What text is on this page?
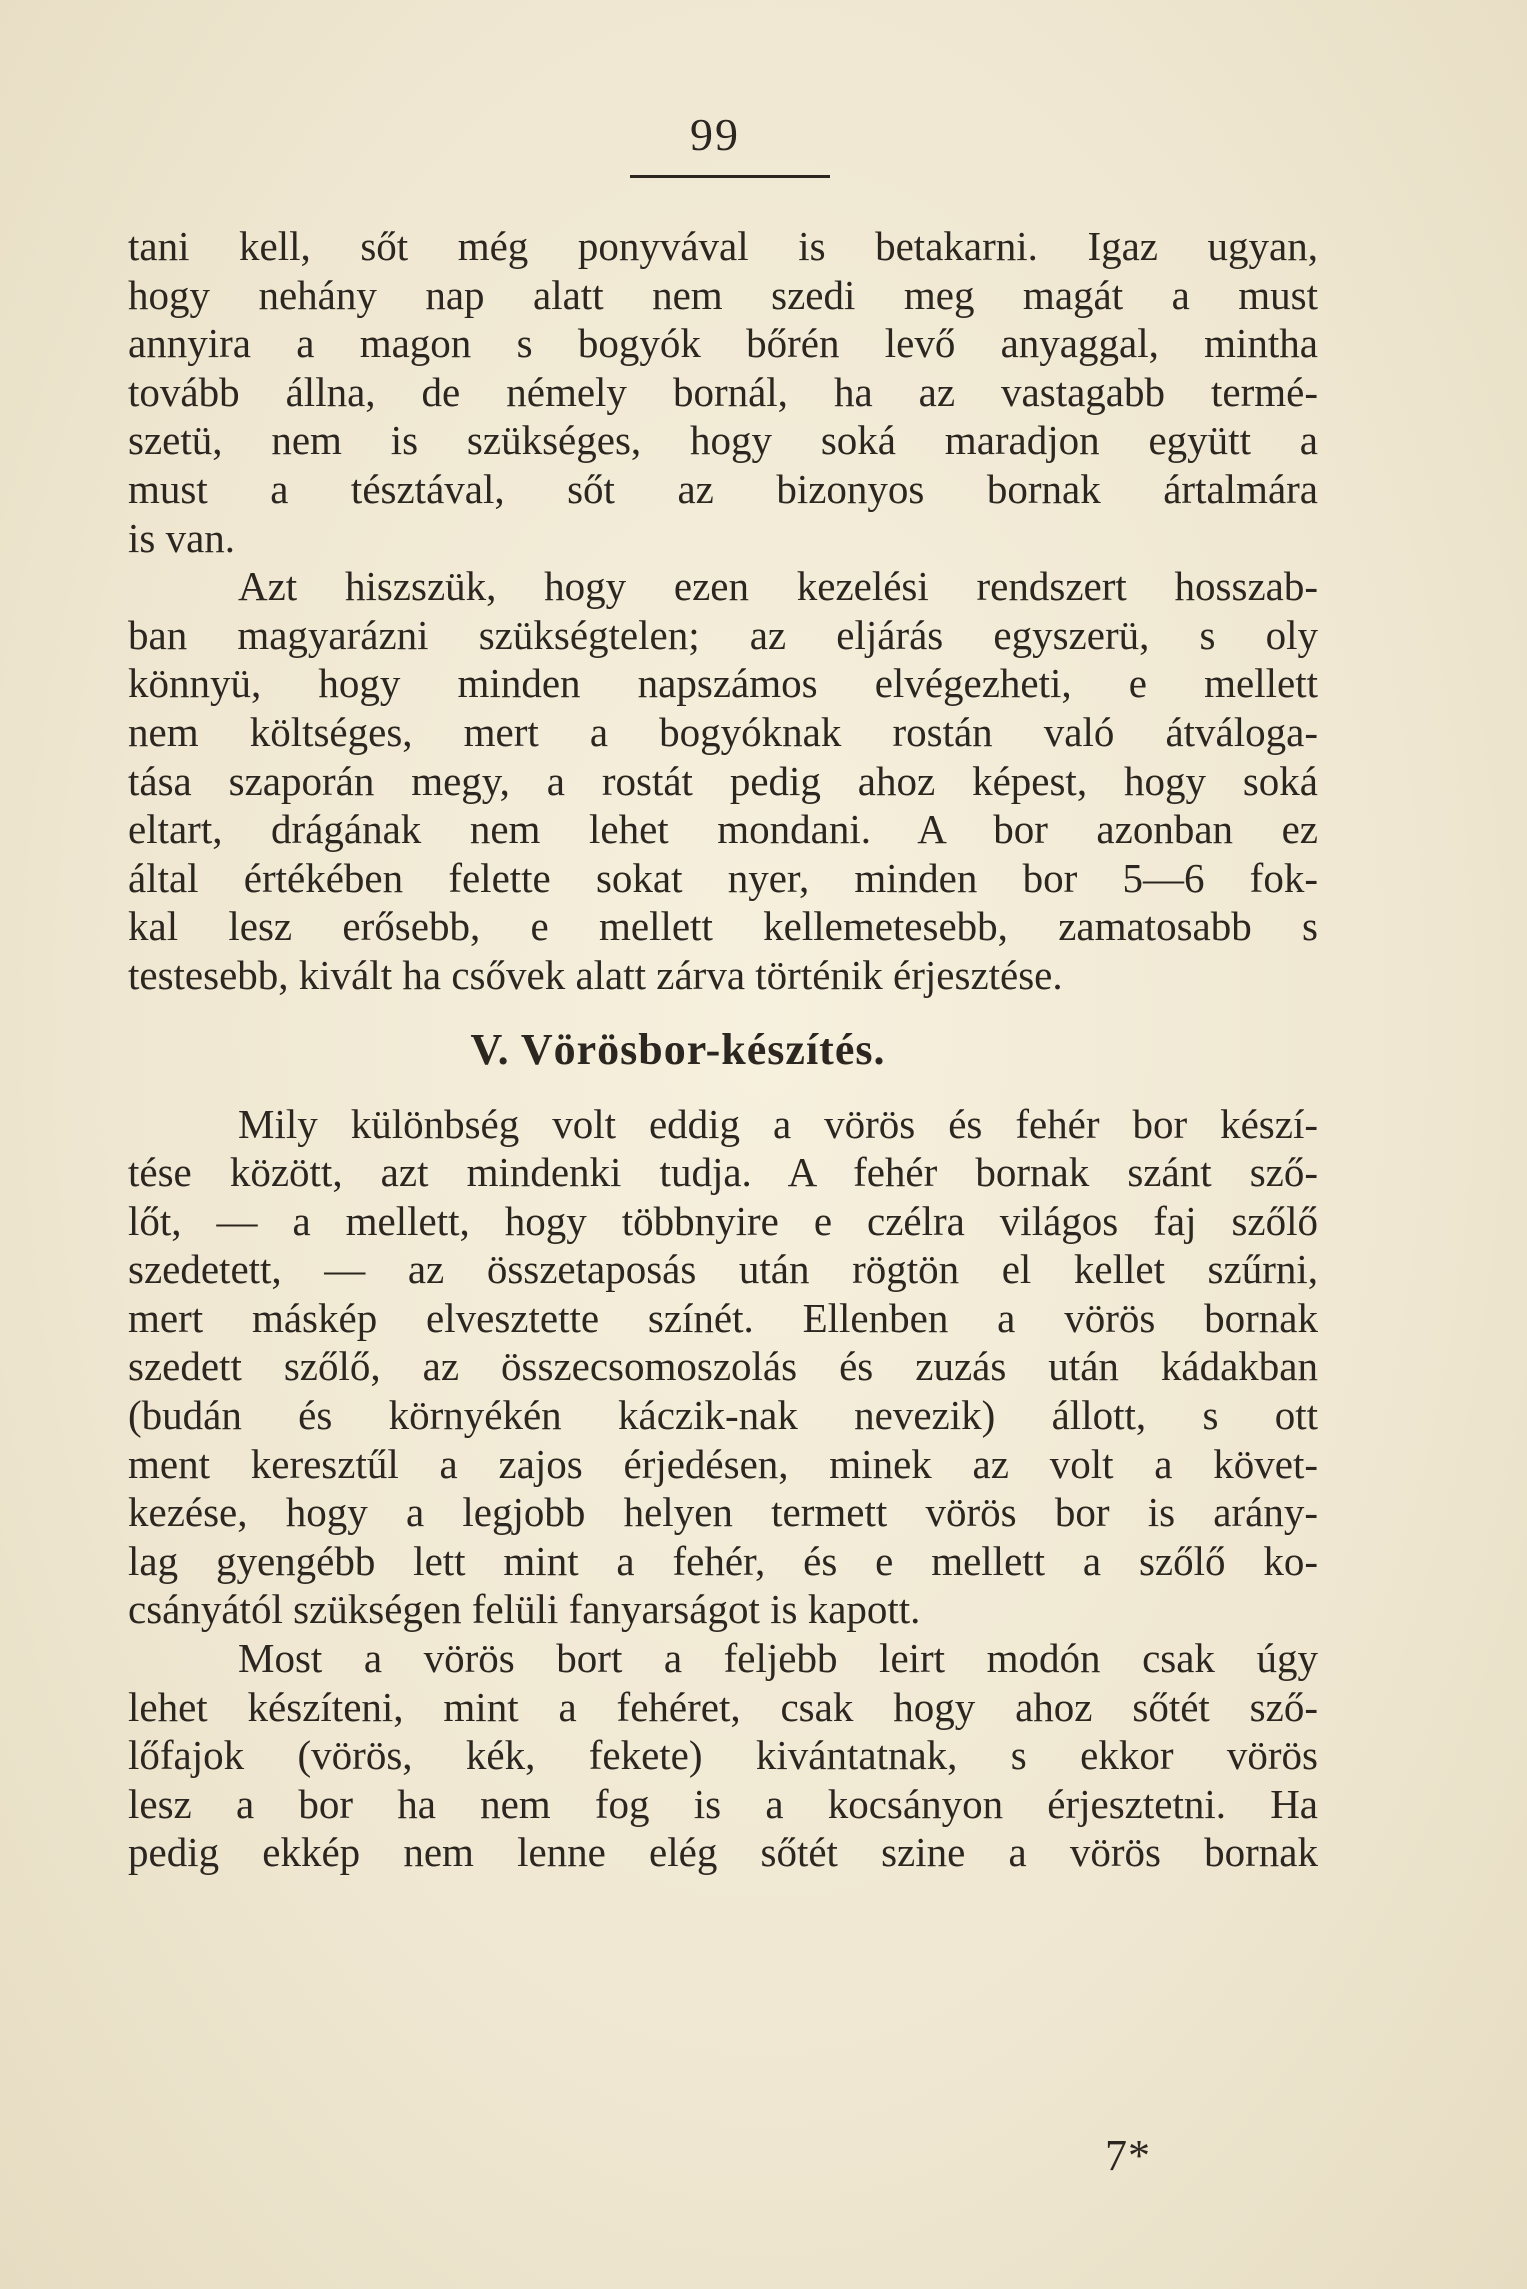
99
tani kell, sőt még ponyvával is betakarni. Igaz ugyan,
hogy nehány nap alatt nem szedi meg magát a must
annyira a magon s bogyók bőrén levő anyaggal, mintha
tovább állna, de némely bornál, ha az vastagabb termé-
szetü, nem is szükséges, hogy soká maradjon együtt a
must a tésztával, sőt az bizonyos bornak ártalmára
is van.
Azt hiszszük, hogy ezen kezelési rendszert hosszab-
ban magyarázni szükségtelen; az eljárás egyszerü, s oly
könnyü, hogy minden napszámos elvégezheti, e mellett
nem költséges, mert a bogyóknak rostán való átváloga-
tása szaporán megy, a rostát pedig ahoz képest, hogy soká
eltart, drágának nem lehet mondani. A bor azonban ez
által értékében felette sokat nyer, minden bor 5—6 fok-
kal lesz erősebb, e mellett kellemetesebb, zamatosabb s
testesebb, kivált ha csővek alatt zárva történik érjesztése.
V. Vörösbor-készítés.
Mily különbség volt eddig a vörös és fehér bor készí-
tése között, azt mindenki tudja. A fehér bornak szánt sző-
lőt, — a mellett, hogy többnyire e czélra világos faj szőlő
szedetett, — az összetaposás után rögtön el kellet szűrni,
mert máskép elvesztette színét. Ellenben a vörös bornak
szedett szőlő, az összecsomoszolás és zuzás után kádakban
(budán és környékén káczik-nak nevezik) állott, s ott
ment keresztűl a zajos érjedésen, minek az volt a követ-
kezése, hogy a legjobb helyen termett vörös bor is arány-
lag gyengébb lett mint a fehér, és e mellett a szőlő ko-
csányától szükségen felüli fanyarságot is kapott.
Most a vörös bort a feljebb leirt modón csak úgy
lehet készíteni, mint a fehéret, csak hogy ahoz sőtét sző-
lőfajok (vörös, kék, fekete) kivántatnak, s ekkor vörös
lesz a bor ha nem fog is a kocsányon érjesztetni. Ha
pedig ekkép nem lenne elég sőtét szine a vörös bornak
7*
